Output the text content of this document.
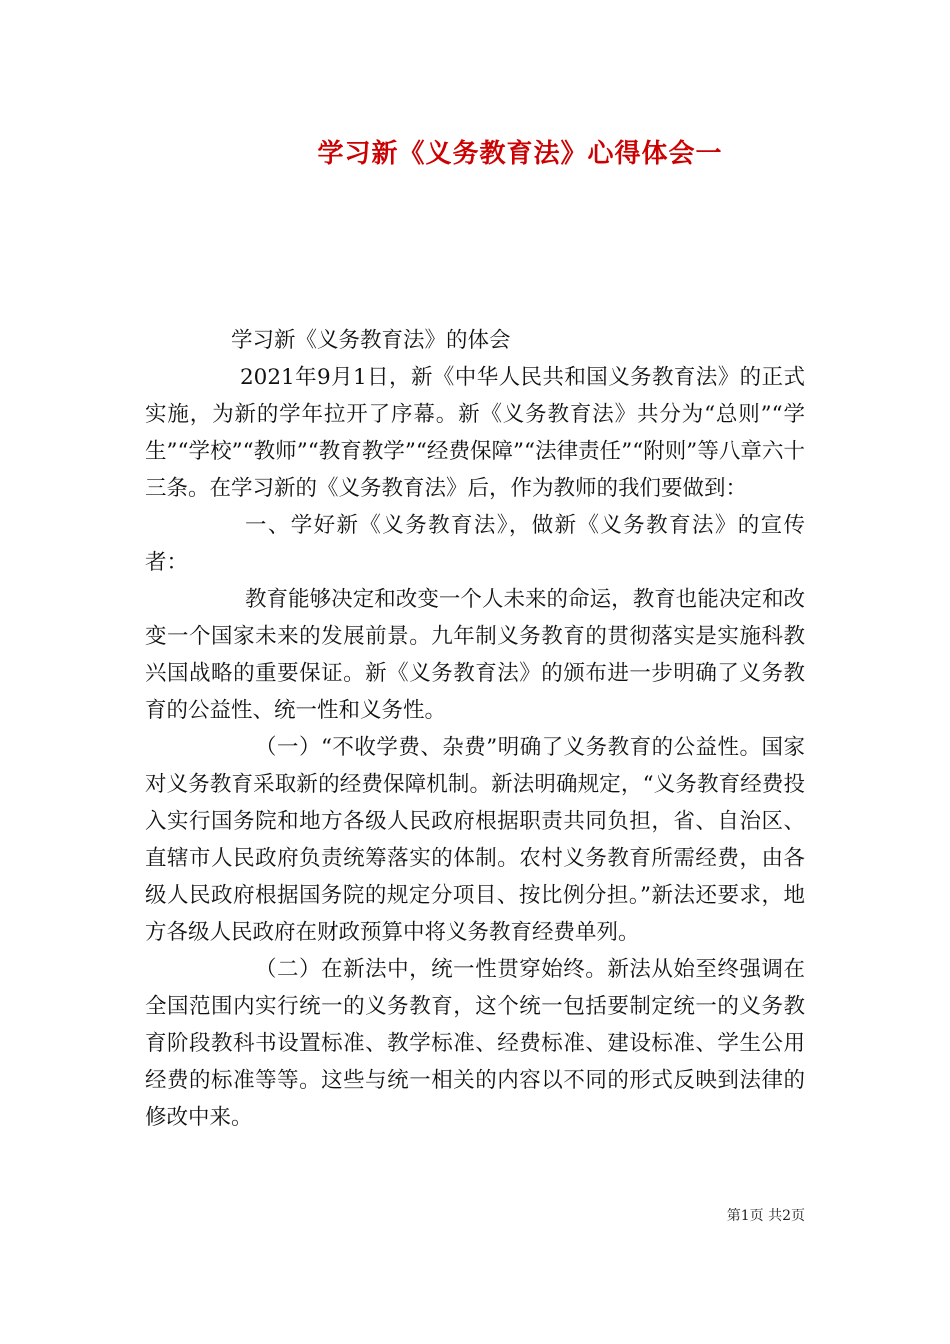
学习新《义务教育法》心得体会一

学习新《义务教育法》的体会

2021年9月1日，新《中华人民共和国义务教育法》的正式实施，为新的学年拉开了序幕。新《义务教育法》共分为“总则”“学生”“学校”“教师”“教育教学”“经费保障”“法律责任”“附则”等八章六十三条。在学习新的《义务教育法》后，作为教师的我们要做到：

一、学好新《义务教育法》，做新《义务教育法》的宣传者：

教育能够决定和改变一个人未来的命运，教育也能决定和改变一个国家未来的发展前景。九年制义务教育的贯彻落实是实施科教兴国战略的重要保证。新《义务教育法》的颁布进一步明确了义务教育的公益性、统一性和义务性。

（一）“不收学费、杂费”明确了义务教育的公益性。国家对义务教育采取新的经费保障机制。新法明确规定，“义务教育经费投入实行国务院和地方各级人民政府根据职责共同负担，省、自治区、直辖市人民政府负责统筹落实的体制。农村义务教育所需经费，由各级人民政府根据国务院的规定分项目、按比例分担。”新法还要求，地方各级人民政府在财政预算中将义务教育经费单列。

（二）在新法中，统一性贯穿始终。新法从始至终强调在全国范围内实行统一的义务教育，这个统一包括要制定统一的义务教育阶段教科书设置标准、教学标准、经费标准、建设标准、学生公用经费的标准等等。这些与统一相关的内容以不同的形式反映到法律的修改中来。

第1页 共2页
